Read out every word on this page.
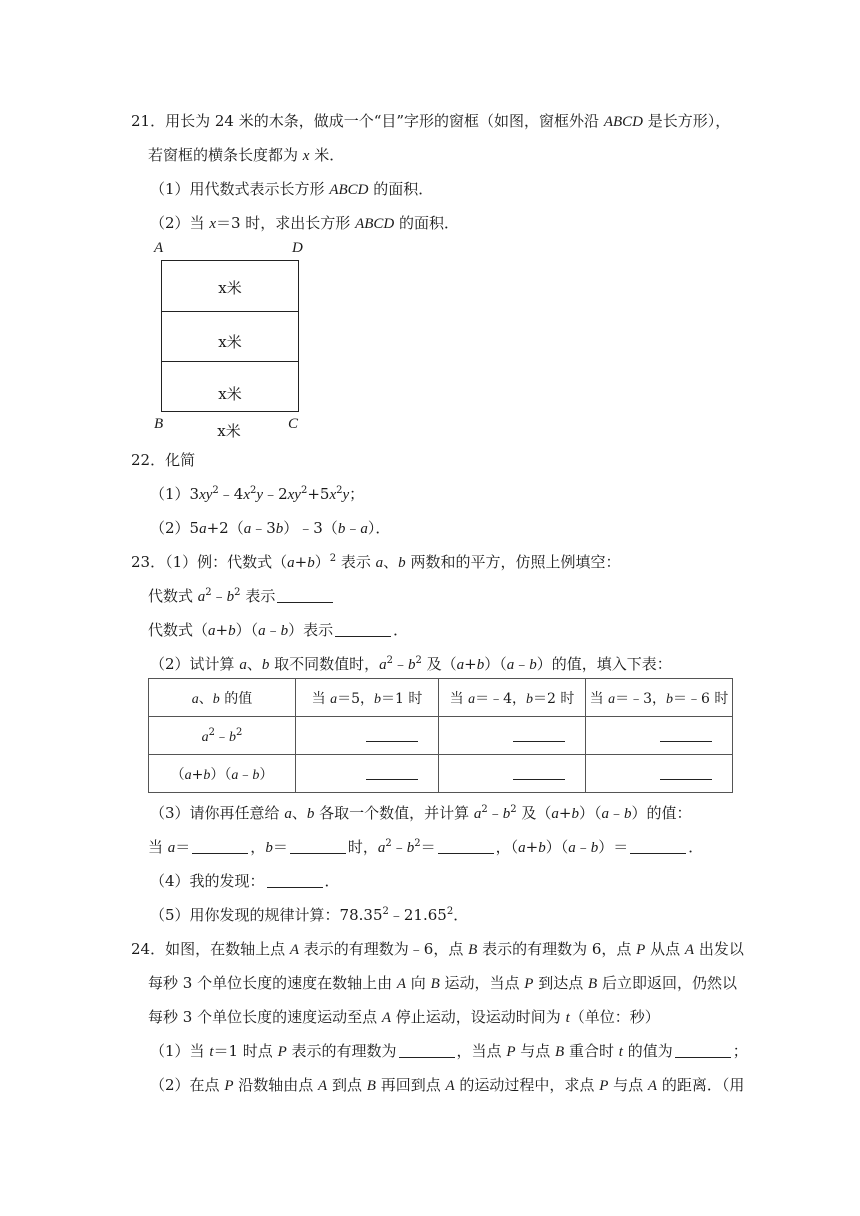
21．用长为 24 米的木条，做成一个“目”字形的窗框（如图，窗框外沿 ABCD 是长方形），
若窗框的横条长度都为 x 米．
（1）用代数式表示长方形 ABCD 的面积．
（2）当 x＝3 时，求出长方形 ABCD 的面积．
A	D
x米
x米
x米
B	C
x米
22．化简
$(1)3xy^2﹣4x^2y﹣2xy^2+5x^2y$；
（2）5a+2（a﹣3b）﹣3（b﹣a）．
23．（1）例：代数式$(a+b)^2$ 表示 a、b 两数和的平方，仿照上例填空：
代数式 $a^2﹣b^2$ 表示
代数式（a+b）（a﹣b）表示	．
（2）试计算 a、b 取不同数值时，$a^2﹣b^2$ 及（a+b）（a﹣b）的值，填入下表：
a、b 的值	当 a＝5，b＝1 时	当 a＝﹣4，b＝2 时	当 a＝﹣3，b＝﹣6 时
$a^2﹣b^2$			
（a+b）（a﹣b）			
（3）请你再任意给 a、b 各取一个数值，并计算 $a^2﹣b^2$ 及（a+b）（a﹣b）的值：
当 a＝	，b＝	时，$a^2﹣b^2=$	，（a+b）（a﹣b）＝	．
（4）我的发现：	．
（5）用你发现的规律计算：78.35$^2$﹣21.65$^2$．
24．如图，在数轴上点 A 表示的有理数为﹣6，点 B 表示的有理数为 6，点 P 从点 A 出发以
每秒 3 个单位长度的速度在数轴上由 A 向 B 运动，当点 P 到达点 B 后立即返回，仍然以
每秒 3 个单位长度的速度运动至点 A 停止运动，设运动时间为 t（单位：秒）
（1）当 t＝1 时点 P 表示的有理数为	，当点 P 与点 B 重合时 t 的值为	；
（2）在点 P 沿数轴由点 A 到点 B 再回到点 A 的运动过程中，求点 P 与点 A 的距离．（用
